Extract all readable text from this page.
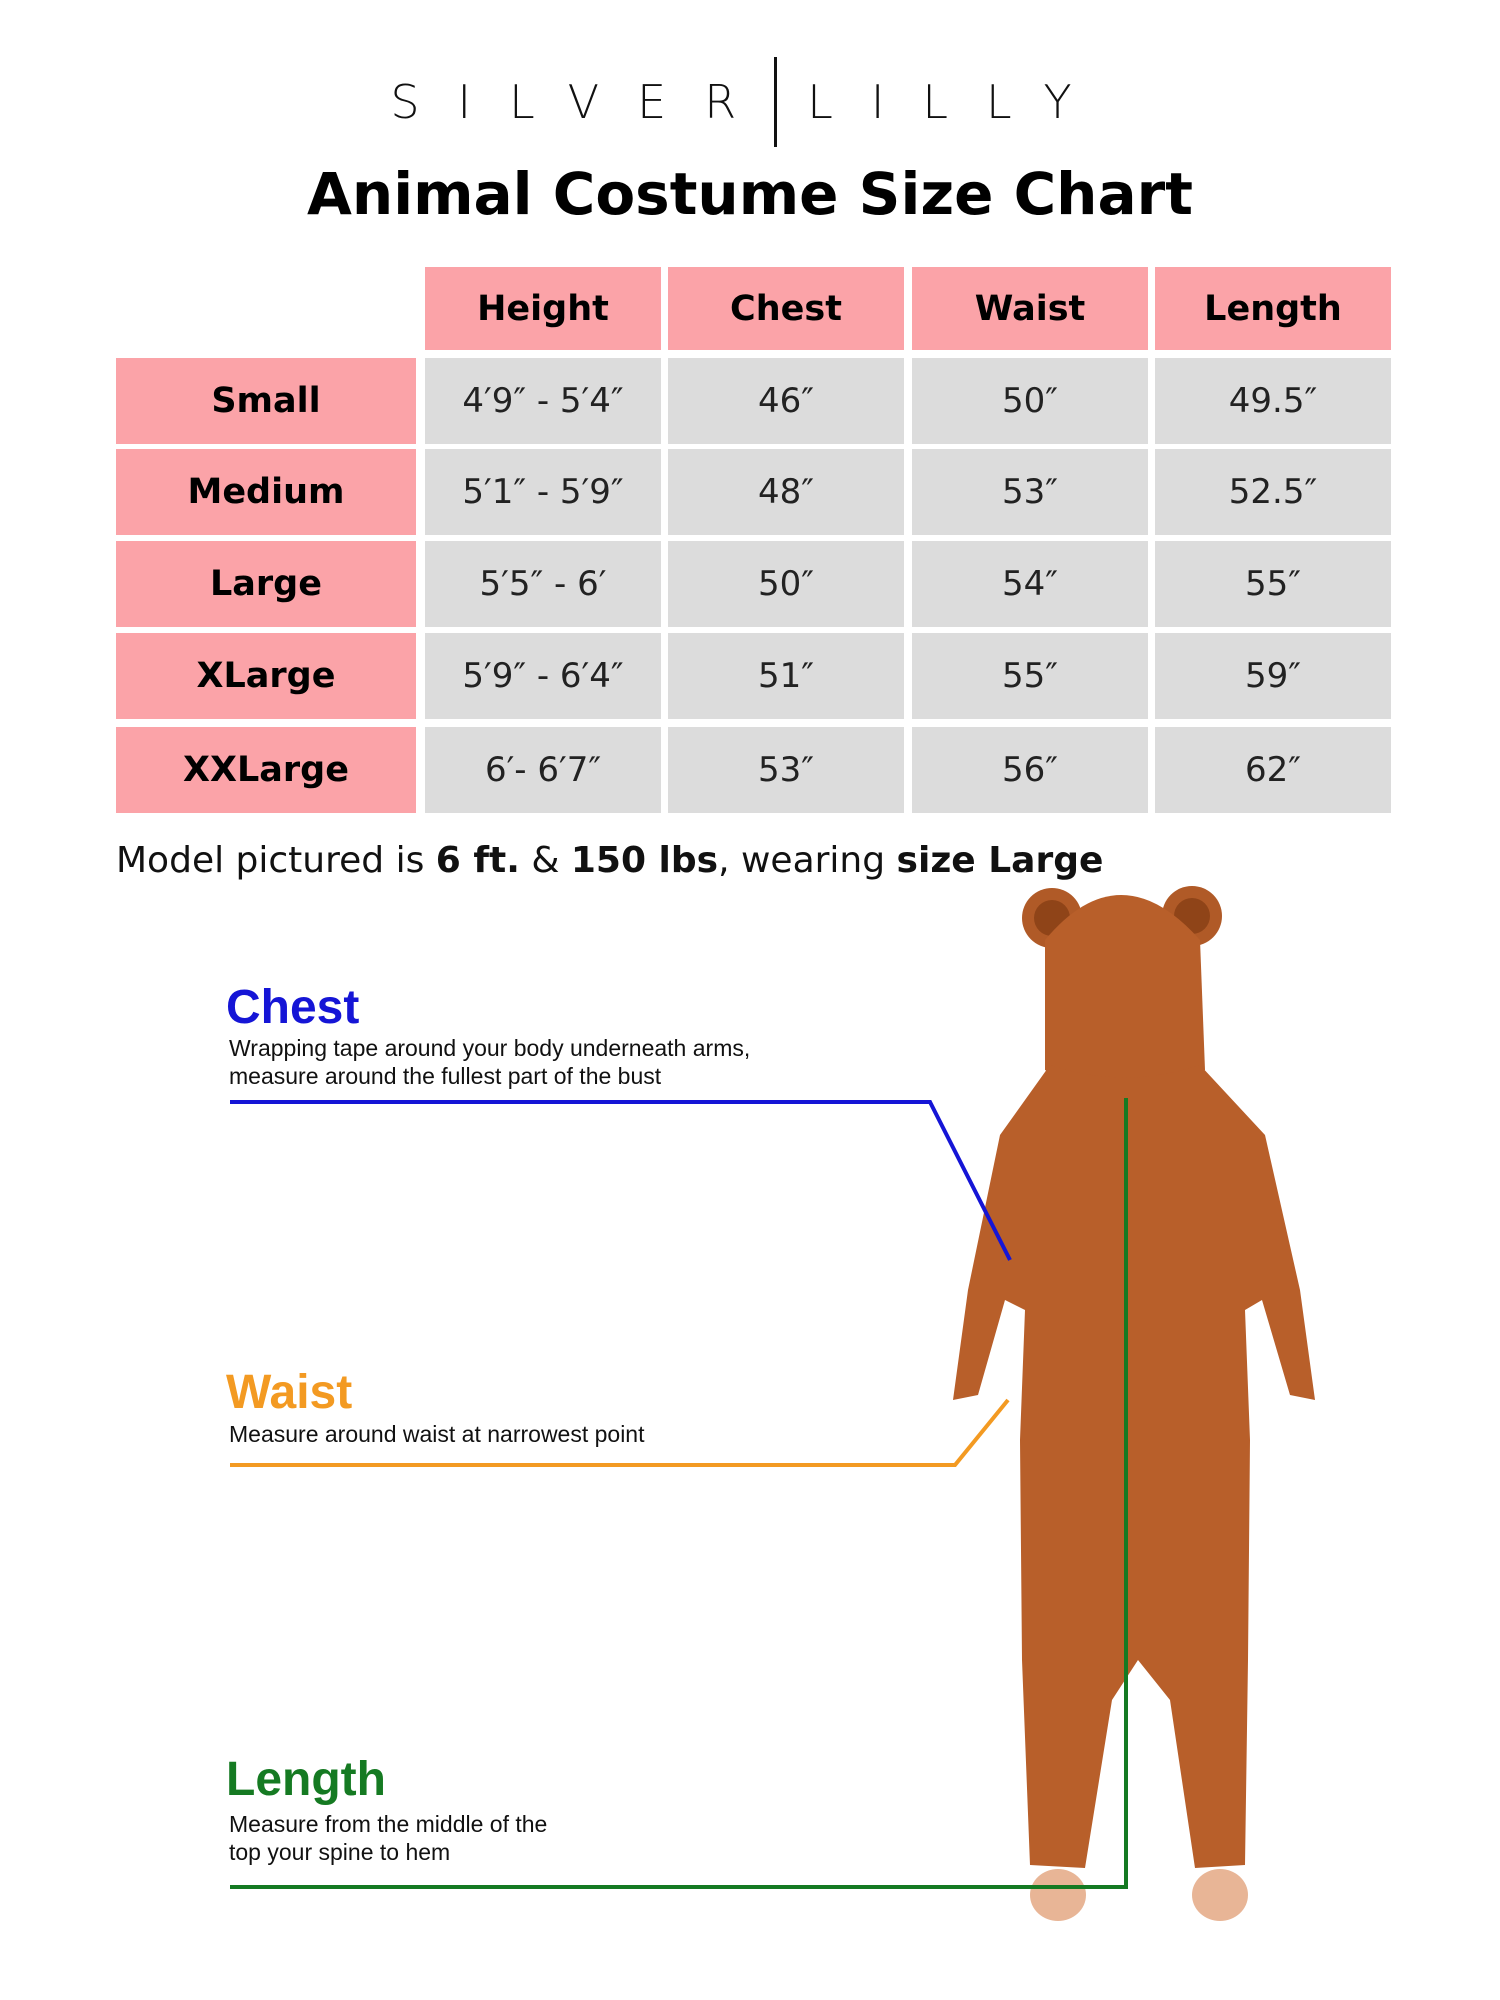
SILVER LILLY
Animal Costume Size Chart
Height	Chest	Waist	Length
Small	4′9″ - 5′4″	46″	50″	49.5″
Medium	5′1″ - 5′9″	48″	53″	52.5″
Large	5′5″ - 6′	50″	54″	55″
XLarge	5′9″ - 6′4″	51″	55″	59″
XXLarge	6′- 6′7″	53″	56″	62″
Model pictured is 6 ft. & 150 lbs, wearing size Large
Chest
Wrapping tape around your body underneath arms,
measure around the fullest part of the bust
Waist
Measure around waist at narrowest point
Length
Measure from the middle of the
top your spine to hem
